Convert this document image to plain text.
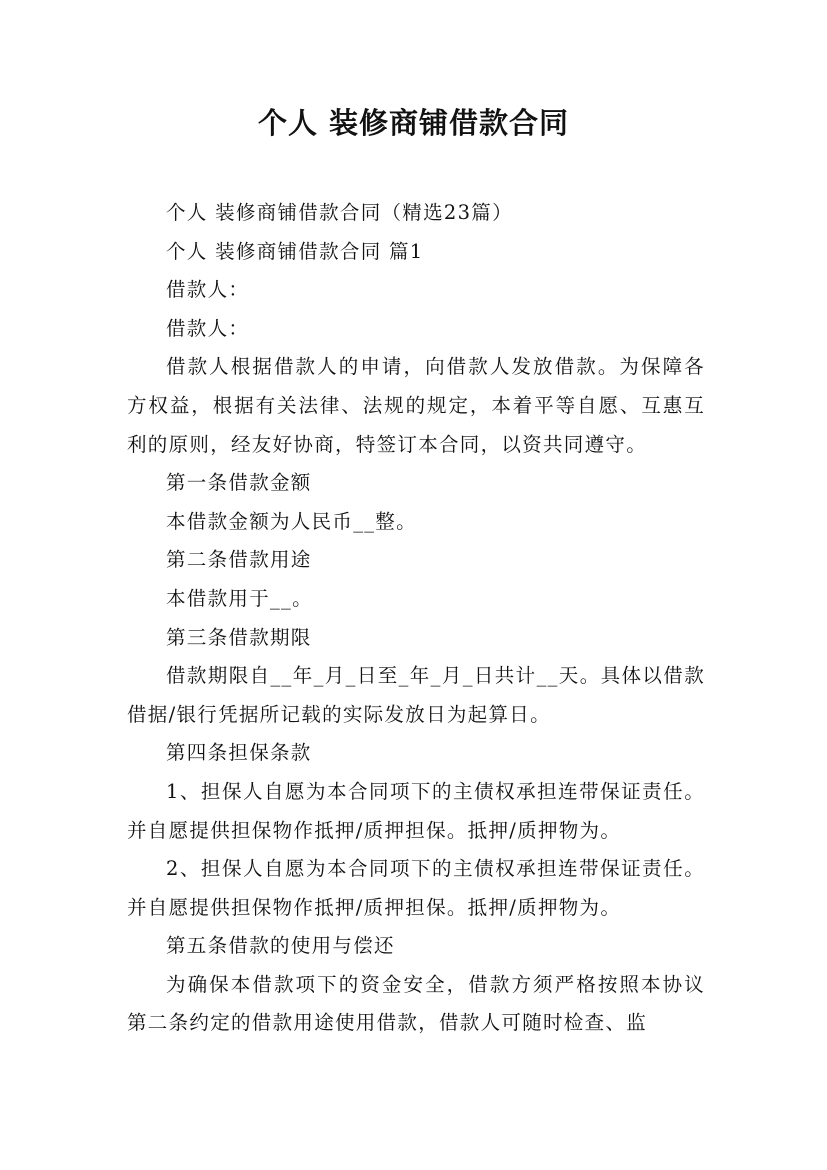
个人 装修商铺借款合同

个人 装修商铺借款合同（精选23篇）

个人 装修商铺借款合同 篇1

借款人：

借款人：

借款人根据借款人的申请，向借款人发放借款。为保障各方权益，根据有关法律、法规的规定，本着平等自愿、互惠互利的原则，经友好协商，特签订本合同，以资共同遵守。

第一条借款金额

本借款金额为人民币__整。

第二条借款用途

本借款用于__。

第三条借款期限

借款期限自__年_月_日至_年_月_日共计__天。具体以借款借据/银行凭据所记载的实际发放日为起算日。

第四条担保条款

1、担保人自愿为本合同项下的主债权承担连带保证责任。并自愿提供担保物作抵押/质押担保。抵押/质押物为。

2、担保人自愿为本合同项下的主债权承担连带保证责任。并自愿提供担保物作抵押/质押担保。抵押/质押物为。

第五条借款的使用与偿还

为确保本借款项下的资金安全，借款方须严格按照本协议第二条约定的借款用途使用借款，借款人可随时检查、监
